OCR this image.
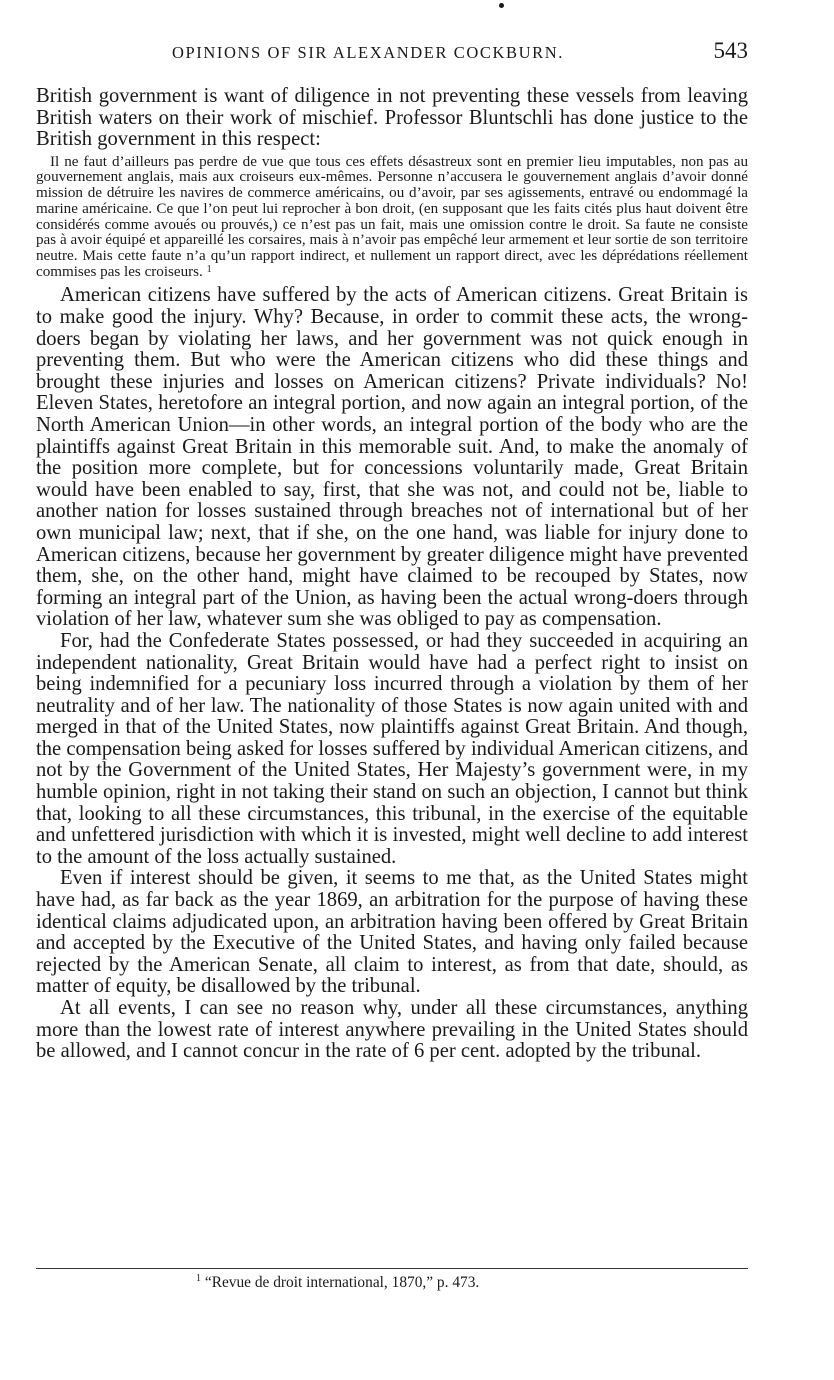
OPINIONS OF SIR ALEXANDER COCKBURN.	543

British government is want of diligence in not preventing these vessels from leaving British waters on their work of mischief. Professor Bluntschli has done justice to the British government in this respect:

Il ne faut d’ailleurs pas perdre de vue que tous ces effets désastreux sont en premier lieu imputables, non pas au gouvernement anglais, mais aux croiseurs eux-mêmes. Personne n’accusera le gouvernement anglais d’avoir donné mission de détruire les navires de commerce américains, ou d’avoir, par ses agissements, entravé ou endommagé la marine américaine. Ce que l’on peut lui reprocher à bon droit, (en supposant que les faits cités plus haut doivent être considérés comme avoués ou prouvés,) ce n’est pas un fait, mais une omission contre le droit. Sa faute ne consiste pas à avoir équipé et appareillé les corsaires, mais à n’avoir pas empêché leur armement et leur sortie de son territoire neutre. Mais cette faute n’a qu’un rapport indirect, et nullement un rapport direct, avec les déprédations réellement commises pas les croiseurs. $^1$

American citizens have suffered by the acts of American citizens. Great Britain is to make good the injury. Why? Because, in order to commit these acts, the wrong-doers began by violating her laws, and her government was not quick enough in preventing them. But who were the American citizens who did these things and brought these injuries and losses on American citizens? Private individuals? No! Eleven States, heretofore an integral portion, and now again an integral portion, of the North American Union—in other words, an integral portion of the body who are the plaintiffs against Great Britain in this memorable suit. And, to make the anomaly of the position more complete, but for concessions voluntarily made, Great Britain would have been enabled to say, first, that she was not, and could not be, liable to another nation for losses sustained through breaches not of international but of her own municipal law; next, that if she, on the one hand, was liable for injury done to American citizens, because her government by greater diligence might have prevented them, she, on the other hand, might have claimed to be recouped by States, now forming an integral part of the Union, as having been the actual wrong-doers through violation of her law, whatever sum she was obliged to pay as compensation.

For, had the Confederate States possessed, or had they succeeded in acquiring an independent nationality, Great Britain would have had a perfect right to insist on being indemnified for a pecuniary loss incurred through a violation by them of her neutrality and of her law. The nationality of those States is now again united with and merged in that of the United States, now plaintiffs against Great Britain. And though, the compensation being asked for losses suffered by individual American citizens, and not by the Government of the United States, Her Majesty’s government were, in my humble opinion, right in not taking their stand on such an objection, I cannot but think that, looking to all these circumstances, this tribunal, in the exercise of the equitable and unfettered jurisdiction with which it is invested, might well decline to add interest to the amount of the loss actually sustained.

Even if interest should be given, it seems to me that, as the United States might have had, as far back as the year 1869, an arbitration for the purpose of having these identical claims adjudicated upon, an arbitration having been offered by Great Britain and accepted by the Executive of the United States, and having only failed because rejected by the American Senate, all claim to interest, as from that date, should, as matter of equity, be disallowed by the tribunal.

At all events, I can see no reason why, under all these circumstances, anything more than the lowest rate of interest anywhere prevailing in the United States should be allowed, and I cannot concur in the rate of 6 per cent. adopted by the tribunal.

$^1$ “Revue de droit international, 1870,” p. 473.
